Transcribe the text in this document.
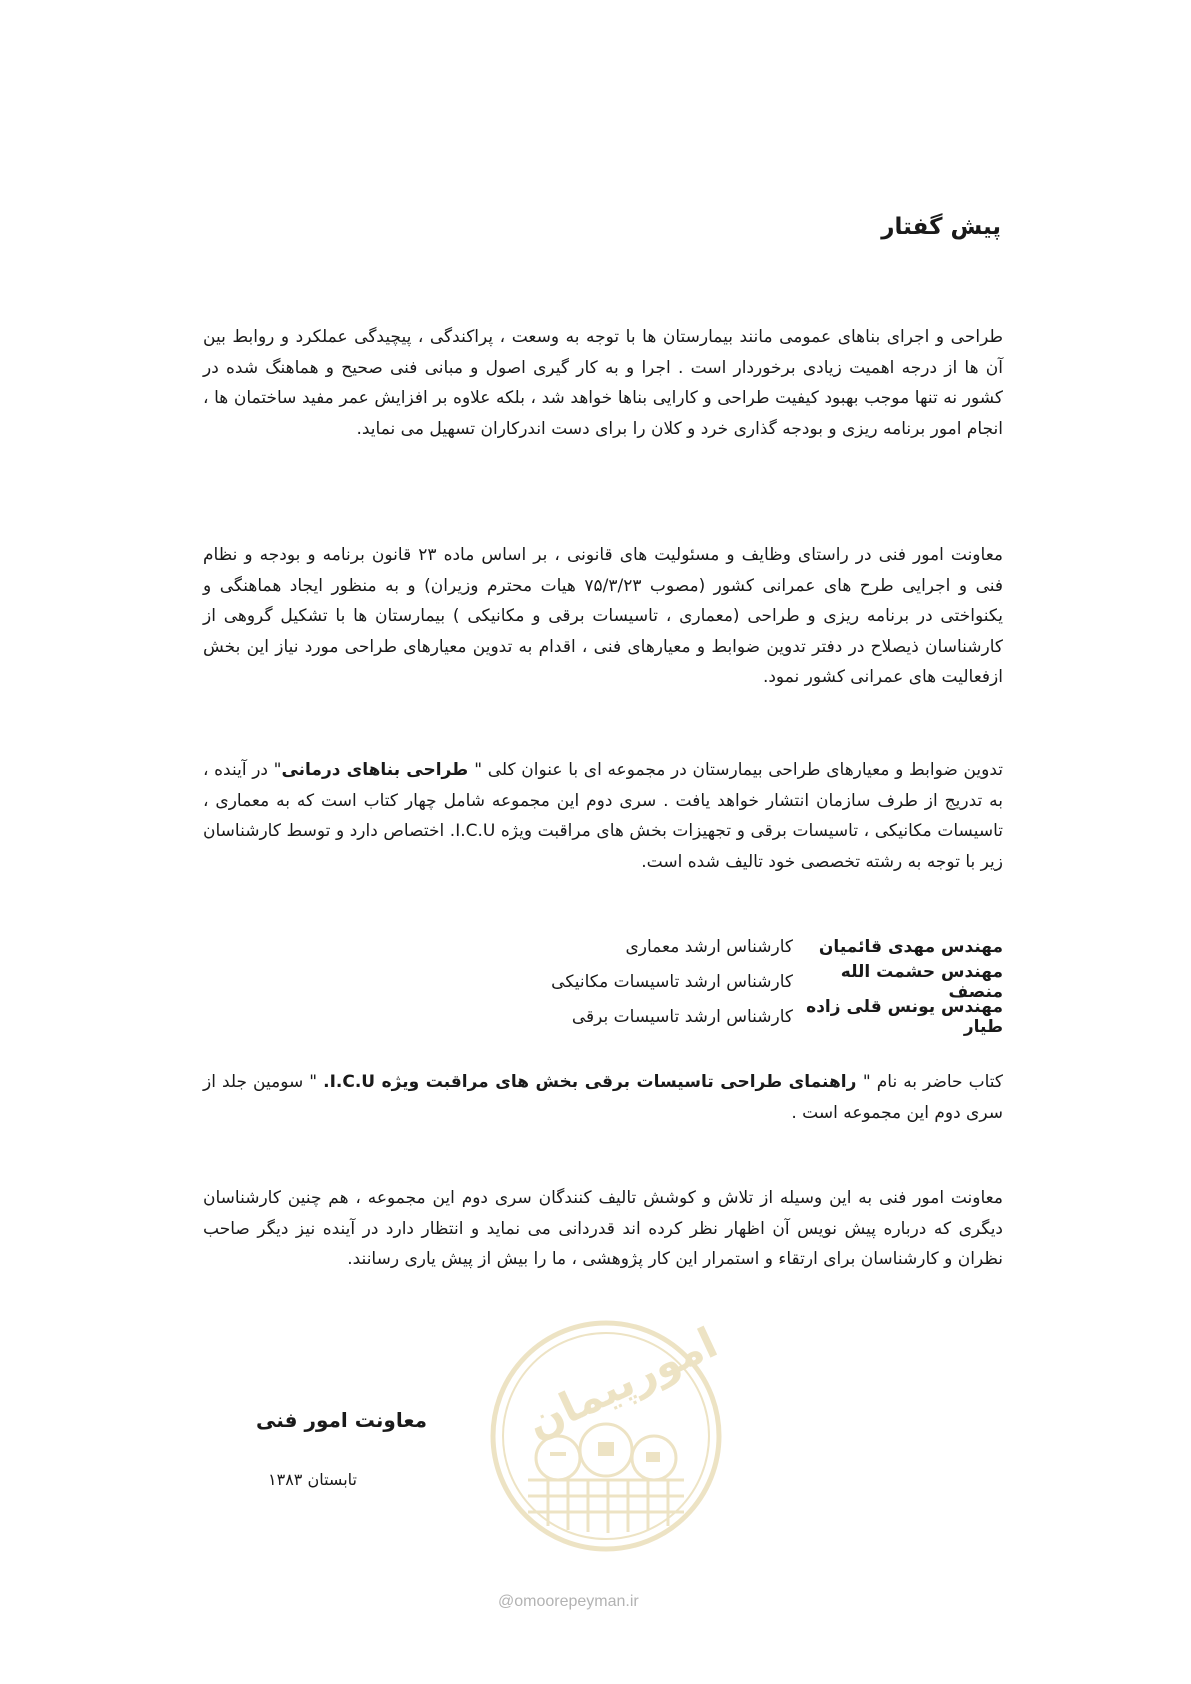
پیش گفتار

طراحی و اجرای بناهای عمومی مانند بیمارستان ها با توجه به وسعت ، پراکندگی ، پیچیدگی عملکرد و روابط بین آن ها از درجه اهمیت زیادی برخوردار است . اجرا و به کار گیری اصول و مبانی فنی صحیح و هماهنگ شده در کشور نه تنها موجب بهبود کیفیت طراحی و کارایی بناها خواهد شد ، بلکه علاوه بر افزایش عمر مفید ساختمان ها ، انجام امور برنامه ریزی و بودجه گذاری خرد و کلان را برای دست اندرکاران تسهیل می نماید.

معاونت امور فنی در راستای وظایف و مسئولیت های قانونی ، بر اساس ماده ۲۳ قانون برنامه و بودجه و نظام فنی و اجرایی طرح های عمرانی کشور (مصوب ۷۵/۳/۲۳ هیات محترم وزیران) و به منظور ایجاد هماهنگی و یکنواختی در برنامه ریزی و طراحی (معماری ، تاسیسات برقی و مکانیکی ) بیمارستان ها با تشکیل گروهی از کارشناسان ذیصلاح در دفتر تدوین ضوابط و معیارهای فنی ، اقدام به تدوین معیارهای طراحی مورد نیاز این بخش ازفعالیت های عمرانی کشور نمود.

تدوین ضوابط و معیارهای طراحی بیمارستان در مجموعه ای با عنوان کلی " طراحی بناهای درمانی" در آینده ، به تدریج از طرف سازمان انتشار خواهد یافت . سری دوم این مجموعه شامل چهار کتاب است که به معماری ، تاسیسات مکانیکی ، تاسیسات برقی و تجهیزات بخش های مراقبت ویژه I.C.U. اختصاص دارد و توسط کارشناسان زیر با توجه به رشته تخصصی خود تالیف شده است.

مهندس مهدی قائمیان
کارشناس ارشد معماری
مهندس حشمت الله منصف
کارشناس ارشد تاسیسات مکانیکی
مهندس یونس قلی زاده طیار
کارشناس ارشد تاسیسات برقی

کتاب حاضر به نام " راهنمای طراحی تاسیسات برقی بخش های مراقبت ویژه I.C.U. " سومین جلد از سری دوم این مجموعه است .

معاونت امور فنی به این وسیله از تلاش و کوشش تالیف کنندگان سری دوم این مجموعه ، هم چنین کارشناسان دیگری که درباره پیش نویس آن اظهار نظر کرده اند قدردانی می نماید و انتظار دارد در آینده نیز دیگر صاحب نظران و کارشناسان برای ارتقاء و استمرار این کار پژوهشی ، ما را بیش از پیش یاری رسانند.

معاونت امور فنی
تابستان ۱۳۸۳
امورپیمان
@omoorepeyman.ir
